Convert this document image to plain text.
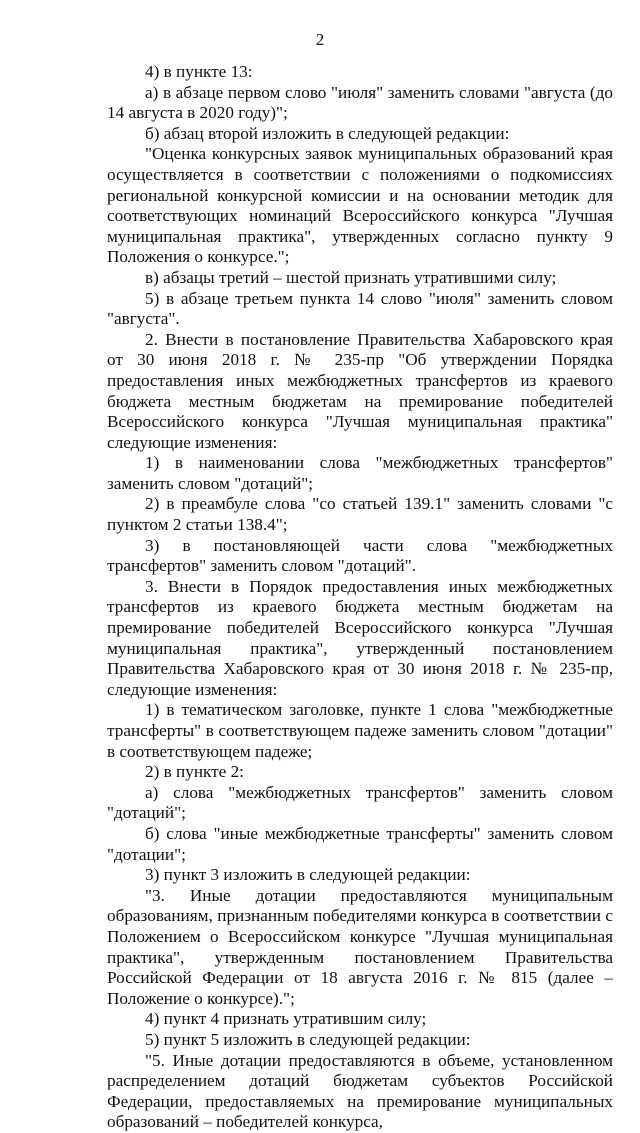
2

4) в пункте 13:

а) в абзаце первом слово "июля" заменить словами "августа (до 14 августа в 2020 году)";

б) абзац второй изложить в следующей редакции:

"Оценка конкурсных заявок муниципальных образований края осуществляется в соответствии с положениями о подкомиссиях региональной конкурсной комиссии и на основании методик для соответствующих номинаций Всероссийского конкурса "Лучшая муниципальная практика", утвержденных согласно пункту 9 Положения о конкурсе.";

в) абзацы третий – шестой признать утратившими силу;

5) в абзаце третьем пункта 14 слово "июля" заменить словом "августа".

2. Внести в постановление Правительства Хабаровского края от 30 июня 2018 г. № 235-пр "Об утверждении Порядка предоставления иных межбюджетных трансфертов из краевого бюджета местным бюджетам на премирование победителей Всероссийского конкурса "Лучшая муниципальная практика" следующие изменения:

1) в наименовании слова "межбюджетных трансфертов" заменить словом "дотаций";

2) в преамбуле слова "со статьей 139.1" заменить словами "с пунктом 2 статьи 138.4";

3) в постановляющей части слова "межбюджетных трансфертов" заменить словом "дотаций".

3. Внести в Порядок предоставления иных межбюджетных трансфертов из краевого бюджета местным бюджетам на премирование победителей Всероссийского конкурса "Лучшая муниципальная практика", утвержденный постановлением Правительства Хабаровского края от 30 июня 2018 г. № 235-пр, следующие изменения:

1) в тематическом заголовке, пункте 1 слова "межбюджетные трансферты" в соответствующем падеже заменить словом "дотации" в соответствующем падеже;

2) в пункте 2:

а) слова "межбюджетных трансфертов" заменить словом "дотаций";

б) слова "иные межбюджетные трансферты" заменить словом "дотации";

3) пункт 3 изложить в следующей редакции:

"3. Иные дотации предоставляются муниципальным образованиям, признанным победителями конкурса в соответствии с Положением о Всероссийском конкурсе "Лучшая муниципальная практика", утвержденным постановлением Правительства Российской Федерации от 18 августа 2016 г. № 815 (далее – Положение о конкурсе).";

4) пункт 4 признать утратившим силу;

5) пункт 5 изложить в следующей редакции:

"5. Иные дотации предоставляются в объеме, установленном распределением дотаций бюджетам субъектов Российской Федерации, предоставляемых на премирование муниципальных образований – победителей конкурса,
